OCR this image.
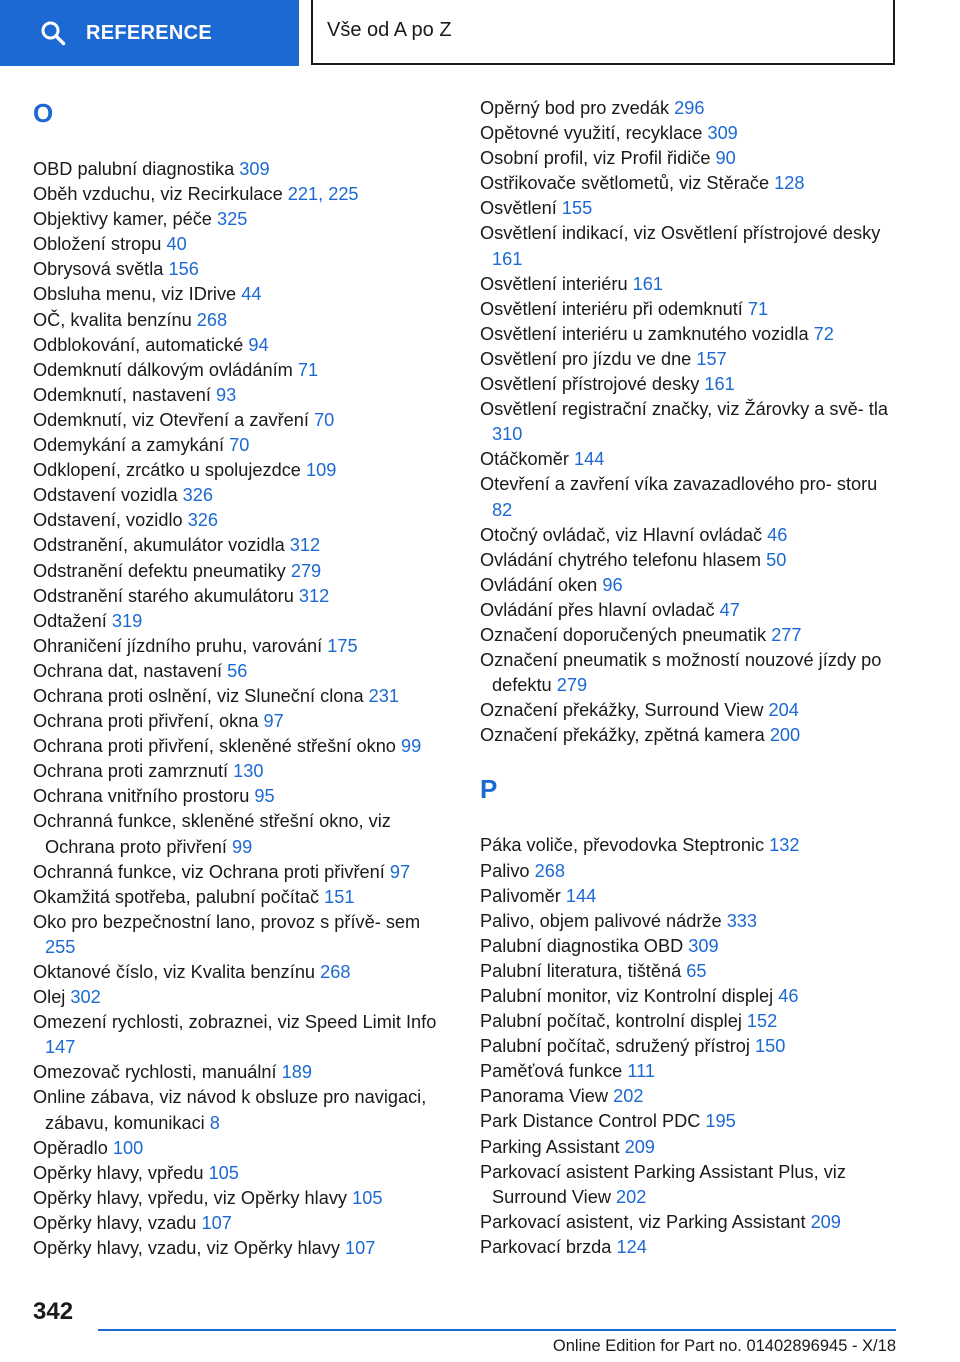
REFERENCE	Vše od A po Z
O
OBD palubní diagnostika 309
Oběh vzduchu, viz Recirkulace 221, 225
Objektivy kamer, péče 325
Obložení stropu 40
Obrysová světla 156
Obsluha menu, viz IDrive 44
OČ, kvalita benzínu 268
Odblokování, automatické 94
Odemknutí dálkovým ovládáním 71
Odemknutí, nastavení 93
Odemknutí, viz Otevření a zavření 70
Odemykání a zamykání 70
Odklopení, zrcátko u spolujezdce 109
Odstavení vozidla 326
Odstavení, vozidlo 326
Odstranění, akumulátor vozidla 312
Odstranění defektu pneumatiky 279
Odstranění starého akumulátoru 312
Odtažení 319
Ohraničení jízdního pruhu, varování 175
Ochrana dat, nastavení 56
Ochrana proti oslnění, viz Sluneční clona 231
Ochrana proti přivření, okna 97
Ochrana proti přivření, skleněné střešní okno 99
Ochrana proti zamrznutí 130
Ochrana vnitřního prostoru 95
Ochranná funkce, skleněné střešní okno, viz Ochrana proto přivření 99
Ochranná funkce, viz Ochrana proti přivření 97
Okamžitá spotřeba, palubní počítač 151
Oko pro bezpečnostní lano, provoz s přívě‐ sem 255
Oktanové číslo, viz Kvalita benzínu 268
Olej 302
Omezení rychlosti, zobraznei, viz Speed Limit Info 147
Omezovač rychlosti, manuální 189
Online zábava, viz návod k obsluze pro navigaci, zábavu, komunikaci 8
Opěradlo 100
Opěrky hlavy, vpředu 105
Opěrky hlavy, vpředu, viz Opěrky hlavy 105
Opěrky hlavy, vzadu 107
Opěrky hlavy, vzadu, viz Opěrky hlavy 107
Opěrný bod pro zvedák 296
Opětovné využití, recyklace 309
Osobní profil, viz Profil řidiče 90
Ostřikovače světlometů, viz Stěrače 128
Osvětlení 155
Osvětlení indikací, viz Osvětlení přístrojové desky 161
Osvětlení interiéru 161
Osvětlení interiéru při odemknutí 71
Osvětlení interiéru u zamknutého vozidla 72
Osvětlení pro jízdu ve dne 157
Osvětlení přístrojové desky 161
Osvětlení registrační značky, viz Žárovky a svě‐ tla 310
Otáčkoměr 144
Otevření a zavření víka zavazadlového pro‐ storu 82
Otočný ovládač, viz Hlavní ovládač 46
Ovládání chytrého telefonu hlasem 50
Ovládání oken 96
Ovládání přes hlavní ovladač 47
Označení doporučených pneumatik 277
Označení pneumatik s možností nouzové jízdy po defektu 279
Označení překážky, Surround View 204
Označení překážky, zpětná kamera 200
P
Páka voliče, převodovka Steptronic 132
Palivo 268
Palivoměr 144
Palivo, objem palivové nádrže 333
Palubní diagnostika OBD 309
Palubní literatura, tištěná 65
Palubní monitor, viz Kontrolní displej 46
Palubní počítač, kontrolní displej 152
Palubní počítač, sdružený přístroj 150
Paměťová funkce 111
Panorama View 202
Park Distance Control PDC 195
Parking Assistant 209
Parkovací asistent Parking Assistant Plus, viz Surround View 202
Parkovací asistent, viz Parking Assistant 209
Parkovací brzda 124
342
Online Edition for Part no. 01402896945 - X/18
